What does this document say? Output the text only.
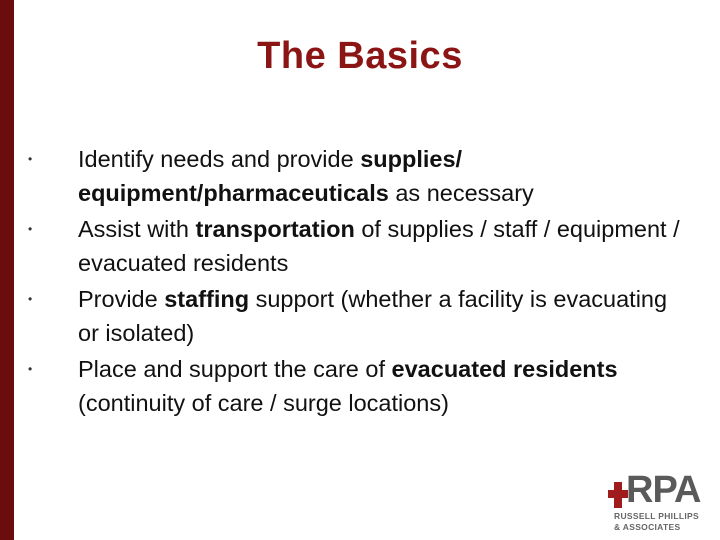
The Basics
•	Identify needs and provide supplies/ equipment/pharmaceuticals as necessary
•	Assist with transportation of supplies / staff / equipment / evacuated residents
•	Provide staffing support (whether a facility is evacuating or isolated)
•	Place and support the care of evacuated residents (continuity of care / surge locations)
RPA
RUSSELL PHILLIPS
& ASSOCIATES
